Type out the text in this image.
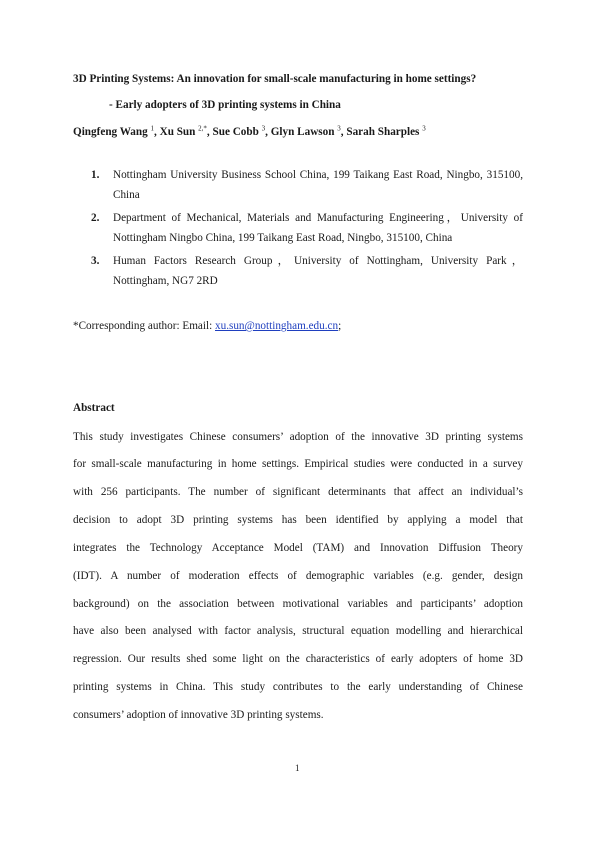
3D Printing Systems: An innovation for small-scale manufacturing in home settings?
- Early adopters of 3D printing systems in China
Qingfeng Wang $^1$, Xu Sun $^{2,*}$, Sue Cobb $^3$, Glyn Lawson $^3$, Sarah Sharples $^3$
1. Nottingham University Business School China, 199 Taikang East Road, Ningbo, 315100, China
2. Department of Mechanical, Materials and Manufacturing Engineering，University of Nottingham Ningbo China, 199 Taikang East Road, Ningbo, 315100, China
3. Human Factors Research Group，University of Nottingham, University Park， Nottingham, NG7 2RD
*Corresponding author: Email: xu.sun@nottingham.edu.cn;
Abstract
This study investigates Chinese consumers’ adoption of the innovative 3D printing systems
for small-scale manufacturing in home settings. Empirical studies were conducted in a survey
with 256 participants. The number of significant determinants that affect an individual’s
decision to adopt 3D printing systems has been identified by applying a model that
integrates the Technology Acceptance Model (TAM) and Innovation Diffusion Theory
(IDT). A number of moderation effects of demographic variables (e.g. gender, design
background) on the association between motivational variables and participants’ adoption
have also been analysed with factor analysis, structural equation modelling and hierarchical
regression. Our results shed some light on the characteristics of early adopters of home 3D
printing systems in China. This study contributes to the early understanding of Chinese
consumers’ adoption of innovative 3D printing systems.
1
